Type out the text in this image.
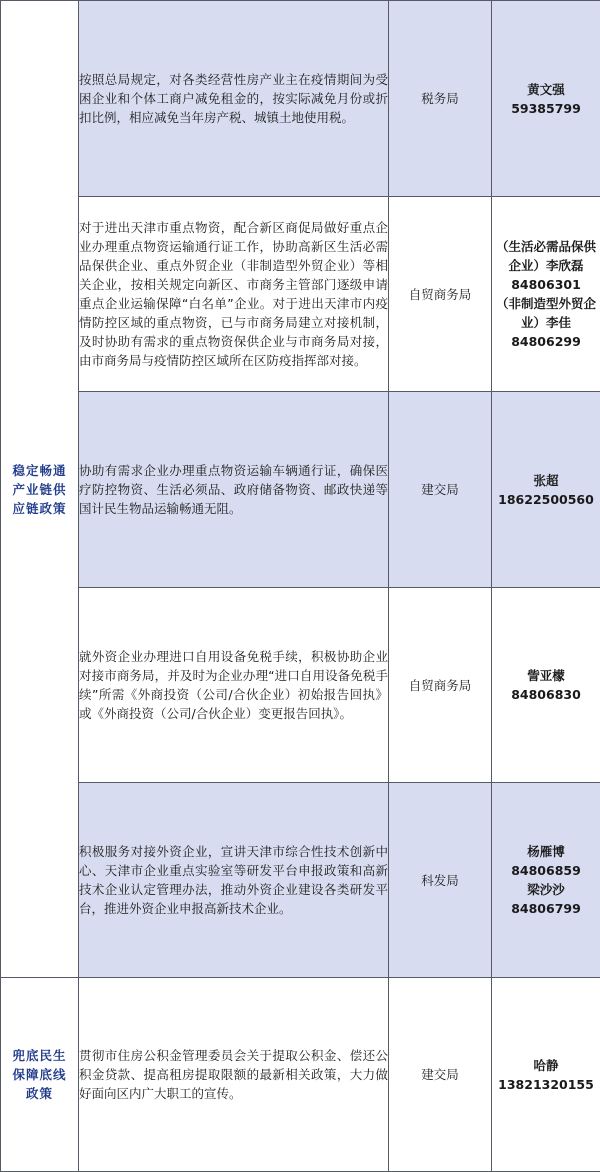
稳定畅通产业链供应链政策	按照总局规定，对各类经营性房产业主在疫情期间为受困企业和个体工商户减免租金的，按实际减免月份或折扣比例，相应减免当年房产税、城镇土地使用税。	税务局	黄文强
59385799

	对于进出天津市重点物资，配合新区商促局做好重点企业办理重点物资运输通行证工作，协助高新区生活必需品保供企业、重点外贸企业（非制造型外贸企业）等相关企业，按相关规定向新区、市商务主管部门逐级申请重点企业运输保障“白名单”企业。对于进出天津市内疫情防控区域的重点物资，已与市商务局建立对接机制，及时协助有需求的重点物资保供企业与市商务局对接，由市商务局与疫情防控区域所在区防疫指挥部对接。	自贸商务局	（生活必需品保供企业）李欣磊
84806301
（非制造型外贸企业）李佳
84806299

	协助有需求企业办理重点物资运输车辆通行证，确保医疗防控物资、生活必须品、政府储备物资、邮政快递等国计民生物品运输畅通无阻。	建交局	张超
18622500560

	就外资企业办理进口自用设备免税手续，积极协助企业对接市商务局，并及时为企业办理“进口自用设备免税手续”所需《外商投资（公司/合伙企业）初始报告回执》或《外商投资（公司/合伙企业）变更报告回执》。	自贸商务局	訾亚檬
84806830

	积极服务对接外资企业，宣讲天津市综合性技术创新中心、天津市企业重点实验室等研发平台申报政策和高新技术企业认定管理办法，推动外资企业建设各类研发平台，推进外资企业申报高新技术企业。	科发局	杨雁博
84806859
梁沙沙
84806799

兜底民生保障底线政策	贯彻市住房公积金管理委员会关于提取公积金、偿还公积金贷款、提高租房提取限额的最新相关政策，大力做好面向区内广大职工的宣传。	建交局	哈静
13821320155
